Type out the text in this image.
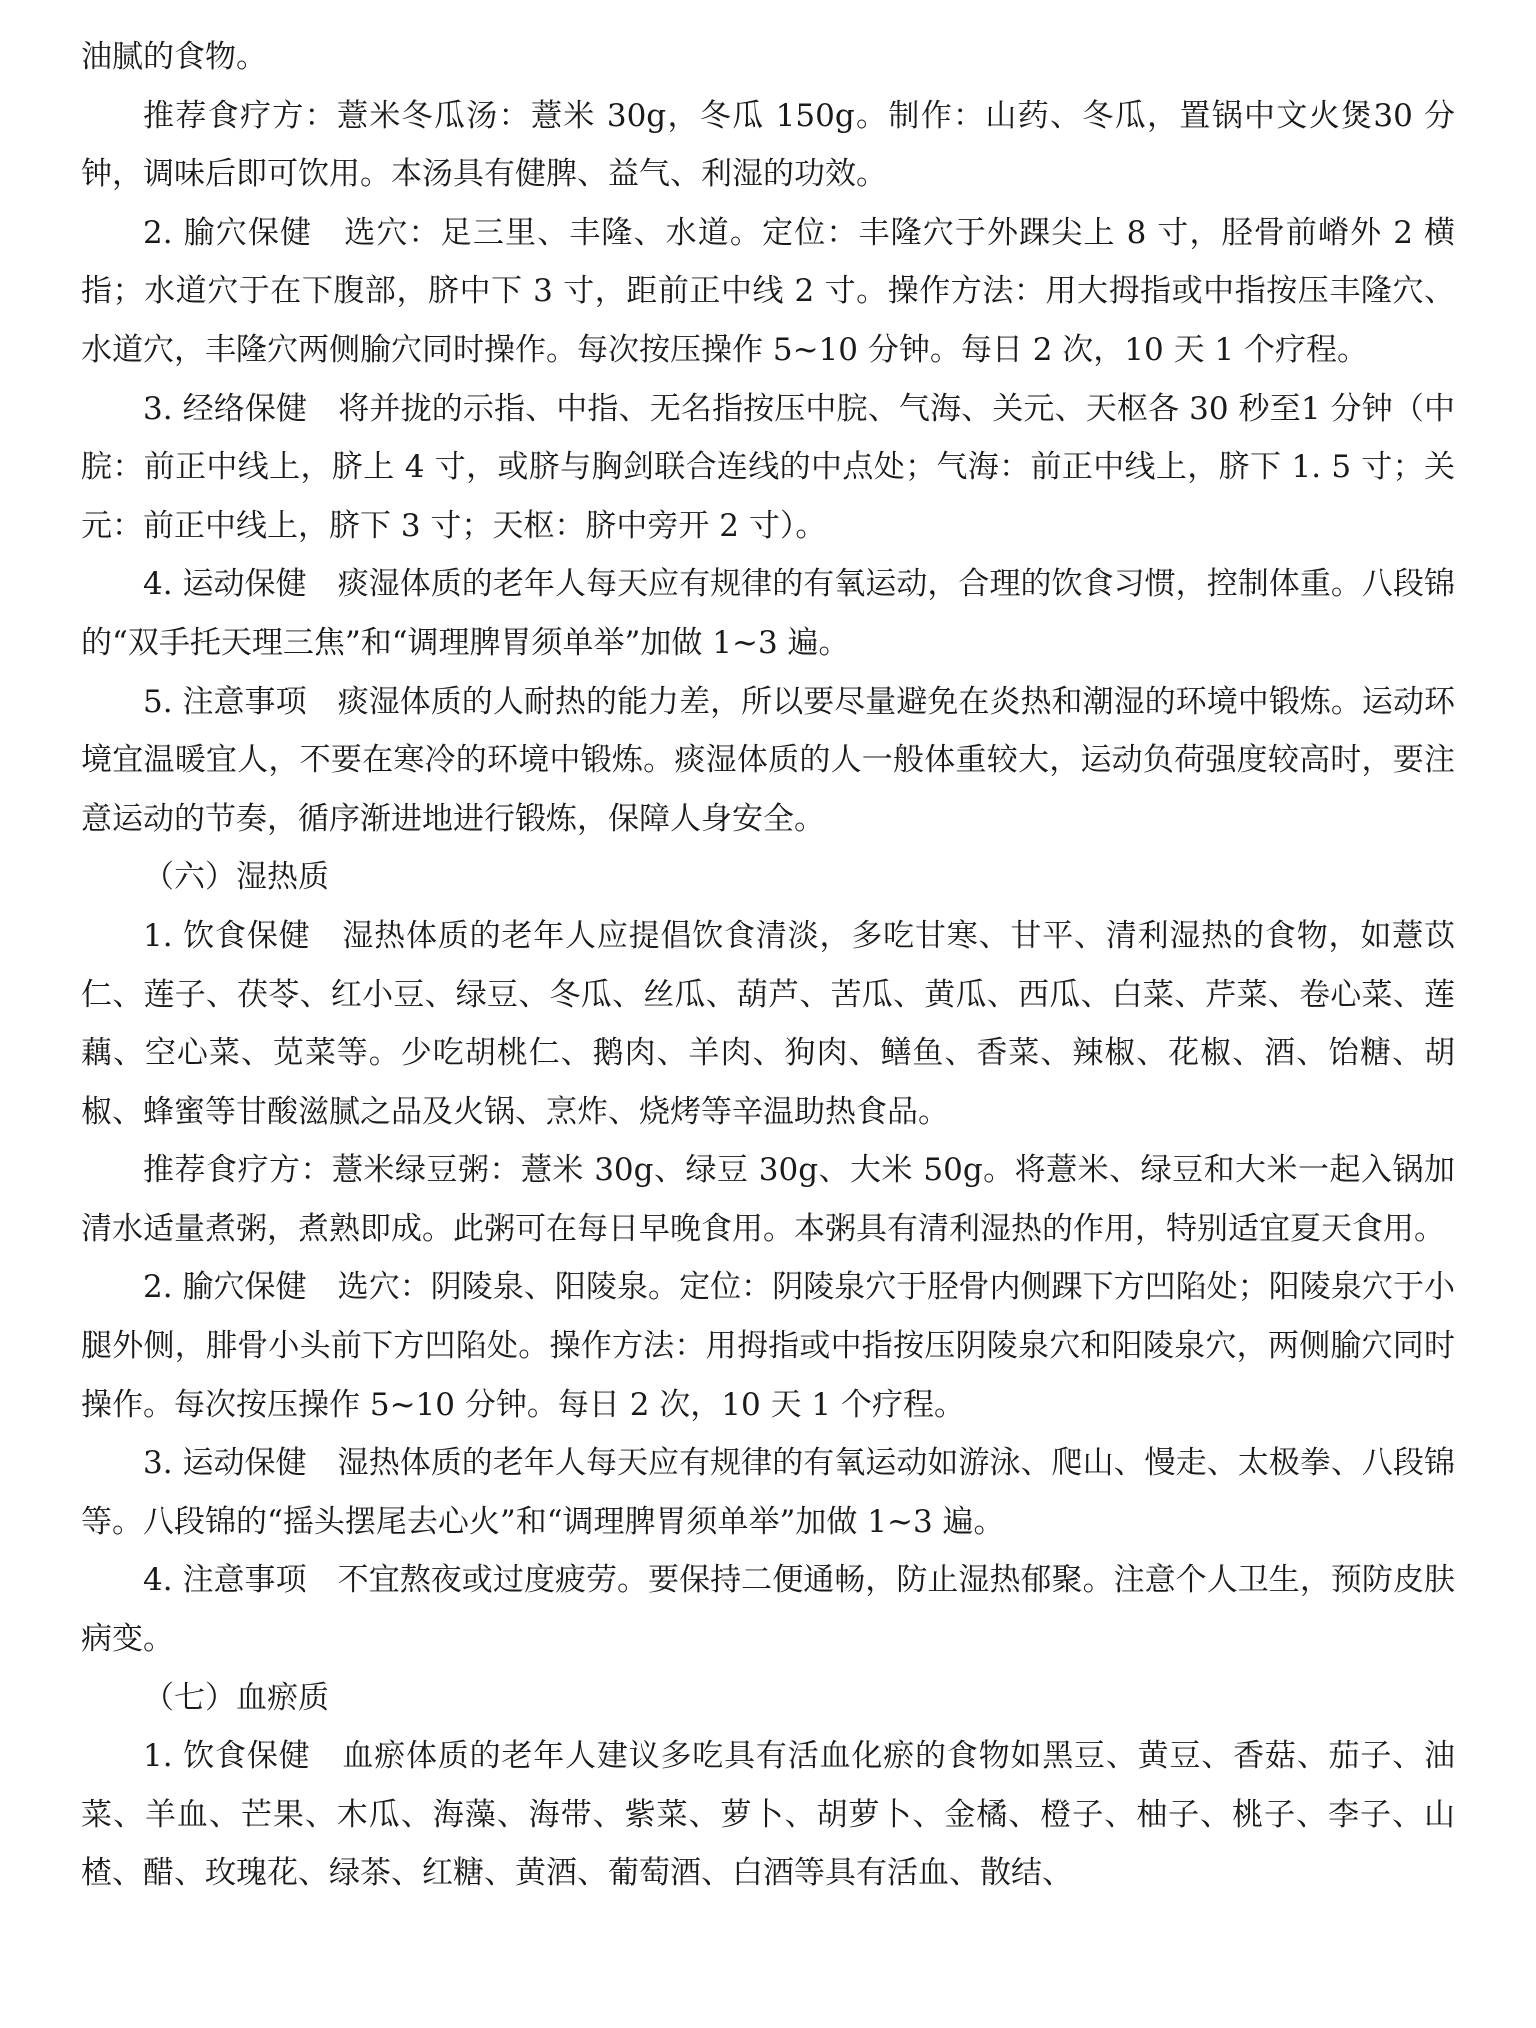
油腻的食物。

推荐食疗方：薏米冬瓜汤：薏米 30g，冬瓜 150g。制作：山药、冬瓜，置锅中文火煲30 分钟，调味后即可饮用。本汤具有健脾、益气、利湿的功效。

2. 腧穴保健　选穴：足三里、丰隆、水道。定位：丰隆穴于外踝尖上 8 寸，胫骨前嵴外 2 横指；水道穴于在下腹部，脐中下 3 寸，距前正中线 2 寸。操作方法：用大拇指或中指按压丰隆穴、水道穴，丰隆穴两侧腧穴同时操作。每次按压操作 5~10 分钟。每日 2 次，10 天 1 个疗程。

3. 经络保健　将并拢的示指、中指、无名指按压中脘、气海、关元、天枢各 30 秒至1 分钟（中脘：前正中线上，脐上 4 寸，或脐与胸剑联合连线的中点处；气海：前正中线上，脐下 1. 5 寸；关元：前正中线上，脐下 3 寸；天枢：脐中旁开 2 寸）。

4. 运动保健　痰湿体质的老年人每天应有规律的有氧运动，合理的饮食习惯，控制体重。八段锦的“双手托天理三焦”和“调理脾胃须单举”加做 1~3 遍。

5. 注意事项　痰湿体质的人耐热的能力差，所以要尽量避免在炎热和潮湿的环境中锻炼。运动环境宜温暖宜人，不要在寒冷的环境中锻炼。痰湿体质的人一般体重较大，运动负荷强度较高时，要注意运动的节奏，循序渐进地进行锻炼，保障人身安全。

（六）湿热质

1. 饮食保健　湿热体质的老年人应提倡饮食清淡，多吃甘寒、甘平、清利湿热的食物，如薏苡仁、莲子、茯苓、红小豆、绿豆、冬瓜、丝瓜、葫芦、苦瓜、黄瓜、西瓜、白菜、芹菜、卷心菜、莲藕、空心菜、苋菜等。少吃胡桃仁、鹅肉、羊肉、狗肉、鳝鱼、香菜、辣椒、花椒、酒、饴糖、胡椒、蜂蜜等甘酸滋腻之品及火锅、烹炸、烧烤等辛温助热食品。

推荐食疗方：薏米绿豆粥：薏米 30g、绿豆 30g、大米 50g。将薏米、绿豆和大米一起入锅加清水适量煮粥，煮熟即成。此粥可在每日早晚食用。本粥具有清利湿热的作用，特别适宜夏天食用。

2. 腧穴保健　选穴：阴陵泉、阳陵泉。定位：阴陵泉穴于胫骨内侧踝下方凹陷处；阳陵泉穴于小腿外侧，腓骨小头前下方凹陷处。操作方法：用拇指或中指按压阴陵泉穴和阳陵泉穴，两侧腧穴同时操作。每次按压操作 5~10 分钟。每日 2 次，10 天 1 个疗程。

3. 运动保健　湿热体质的老年人每天应有规律的有氧运动如游泳、爬山、慢走、太极拳、八段锦等。八段锦的“摇头摆尾去心火”和“调理脾胃须单举”加做 1~3 遍。

4. 注意事项　不宜熬夜或过度疲劳。要保持二便通畅，防止湿热郁聚。注意个人卫生，预防皮肤病变。

（七）血瘀质

1. 饮食保健　血瘀体质的老年人建议多吃具有活血化瘀的食物如黑豆、黄豆、香菇、茄子、油菜、羊血、芒果、木瓜、海藻、海带、紫菜、萝卜、胡萝卜、金橘、橙子、柚子、桃子、李子、山楂、醋、玫瑰花、绿茶、红糖、黄酒、葡萄酒、白酒等具有活血、散结、
